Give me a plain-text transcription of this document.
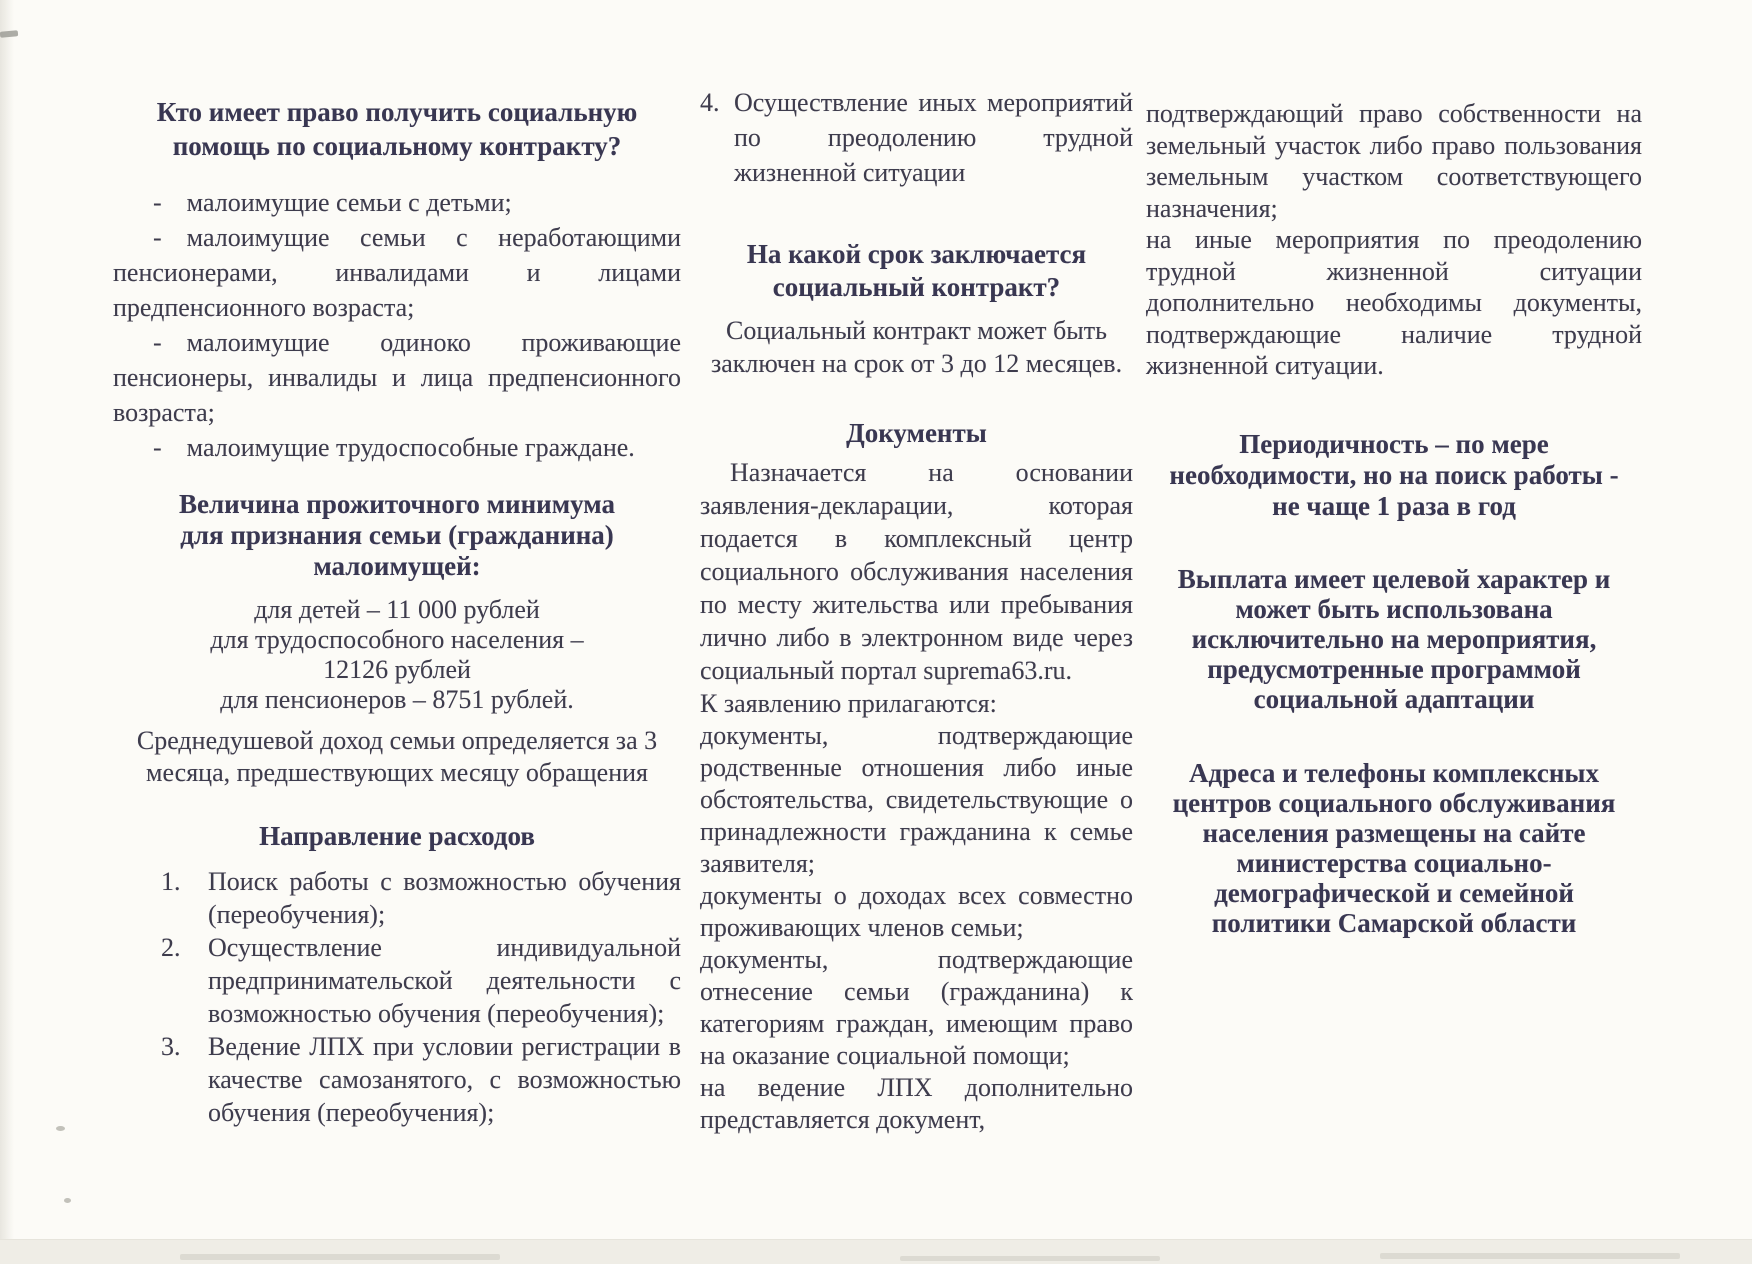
Кто имеет право получить социальную
помощь по социальному контракту?

- малоимущие семьи с детьми;

- малоимущие семьи с неработающими пенсионерами, инвалидами и лицами предпенсионного возраста;

- малоимущие одиноко проживающие пенсионеры, инвалиды и лица предпенсионного возраста;

- малоимущие трудоспособные граждане.

Величина прожиточного минимума
для признания семьи (гражданина)
малоимущей:
для детей – 11 000 рублей
для трудоспособного населения –
12126 рублей
для пенсионеров – 8751 рублей.

Среднедушевой доход семьи определяется за 3 месяца, предшествующих месяцу обращения

Направление расходов
1. Поиск работы с возможностью обучения (переобучения);
2. Осуществление индивидуальной предпринимательской деятельности с возможностью обучения (переобучения);
3. Ведение ЛПХ при условии регистрации в качестве самозанятого, с возможностью обучения (переобучения);
4. Осуществление иных мероприятий по преодолению трудной жизненной ситуации
На какой срок заключается
социальный контракт?
Социальный контракт может быть
заключен на срок от 3 до 12 месяцев.
Документы

Назначается на основании заявления-декларации, которая подается в комплексный центр социального обслуживания населения по месту жительства или пребывания лично либо в электронном виде через социальный портал suprema63.ru.

К заявлению прилагаются:

документы, подтверждающие родственные отношения либо иные обстоятельства, свидетельствующие о принадлежности гражданина к семье заявителя;

документы о доходах всех совместно проживающих членов семьи;

документы, подтверждающие отнесение семьи (гражданина) к категориям граждан, имеющим право на оказание социальной помощи;

на ведение ЛПХ дополнительно представляется документ,

подтверждающий право собственности на земельный участок либо право пользования земельным участком соответствующего назначения;

на иные мероприятия по преодолению трудной жизненной ситуации дополнительно необходимы документы, подтверждающие наличие трудной жизненной ситуации.

Периодичность – по мере
необходимости, но на поиск работы -
не чаще 1 раза в год
Выплата имеет целевой характер и
может быть использована
исключительно на мероприятия,
предусмотренные программой
социальной адаптации
Адреса и телефоны комплексных
центров социального обслуживания
населения размещены на сайте
министерства социально-
демографической и семейной
политики Самарской области
